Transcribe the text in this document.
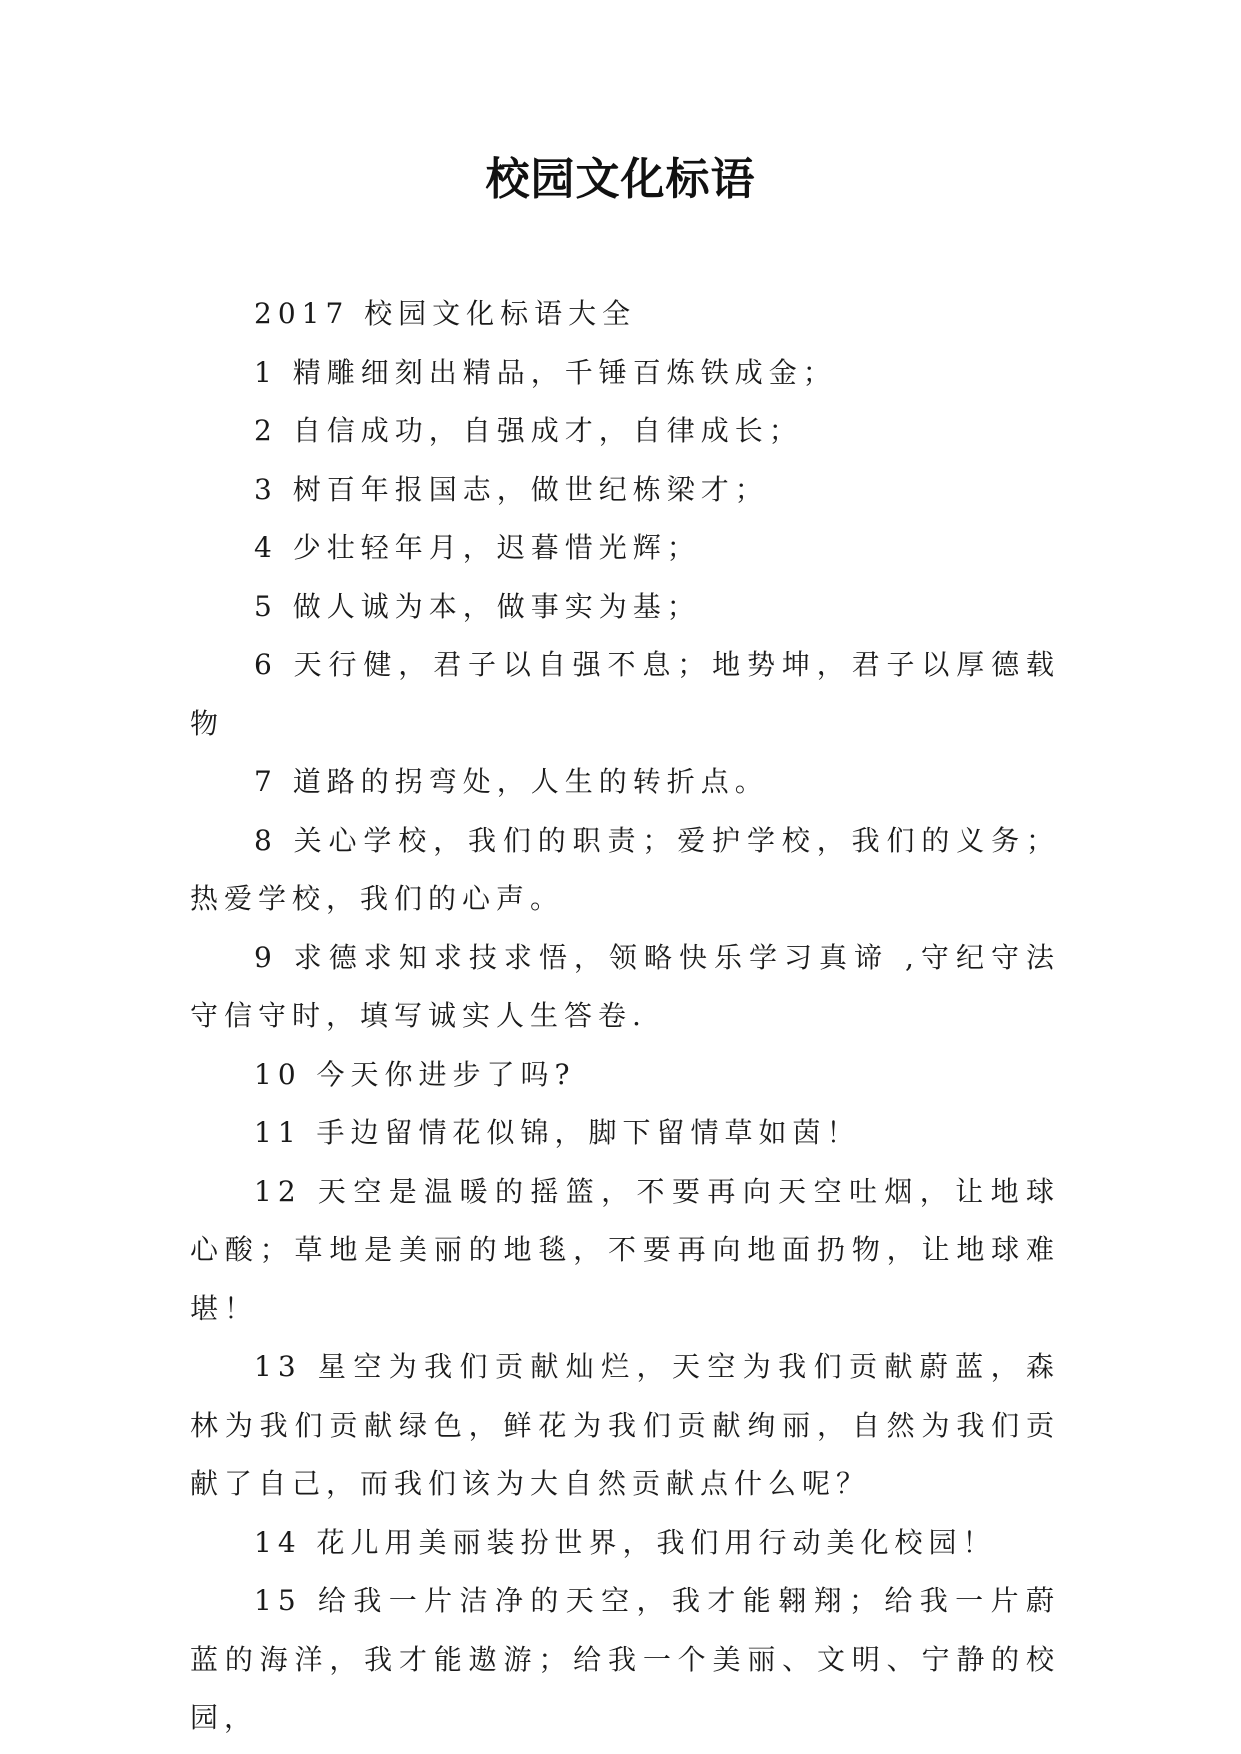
校园文化标语

2017 校园文化标语大全

1 精雕细刻出精品，千锤百炼铁成金；

2 自信成功，自强成才，自律成长；

3 树百年报国志，做世纪栋梁才；

4 少壮轻年月，迟暮惜光辉；

5 做人诚为本，做事实为基；

6 天行健，君子以自强不息；地势坤，君子以厚德载物

7 道路的拐弯处，人生的转折点。

8 关心学校，我们的职责；爱护学校，我们的义务；热爱学校，我们的心声。

9 求德求知求技求悟，领略快乐学习真谛 ,守纪守法守信守时，填写诚实人生答卷.

10 今天你进步了吗?

11 手边留情花似锦，脚下留情草如茵！

12 天空是温暖的摇篮，不要再向天空吐烟，让地球心酸；草地是美丽的地毯，不要再向地面扔物，让地球难堪！

13 星空为我们贡献灿烂，天空为我们贡献蔚蓝，森林为我们贡献绿色，鲜花为我们贡献绚丽，自然为我们贡献了自己，而我们该为大自然贡献点什么呢？

14 花儿用美丽装扮世界，我们用行动美化校园！

15 给我一片洁净的天空，我才能翱翔；给我一片蔚蓝的海洋，我才能遨游；给我一个美丽、文明、宁静的校园，
